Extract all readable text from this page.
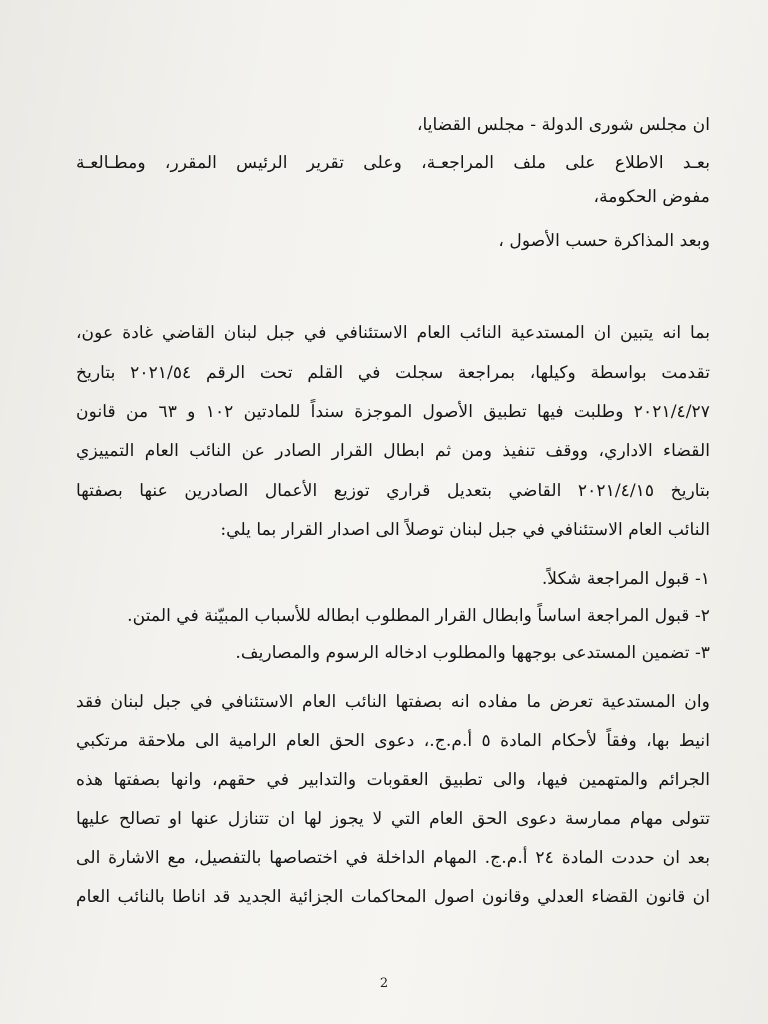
ان مجلس شورى الدولة - مجلس القضايا،
بعـد الاطلاع على ملف المراجعـة، وعلى تقرير الرئيس المقرر، ومطـالعـة
مفوض الحكومة،
وبعد المذاكرة حسب الأصول ،
بما انه يتبين ان المستدعية النائب العام الاستئنافي في جبل لبنان القاضي غادة عون،
تقدمت بواسطة وكيلها، بمراجعة سجلت في القلم تحت الرقم ٢٠٢١/٥٤ بتاريخ
٢٠٢١/٤/٢٧ وطلبت فيها تطبيق الأصول الموجزة سنداً للمادتين ١٠٢ و ٦٣ من قانون
القضاء الاداري، ووقف تنفيذ ومن ثم ابطال القرار الصادر عن النائب العام التمييزي
بتاريخ ٢٠٢١/٤/١٥ القاضي بتعديل قراري توزيع الأعمال الصادرين عنها بصفتها
النائب العام الاستئنافي في جبل لبنان توصلاً الى اصدار القرار بما يلي:
١- قبول المراجعة شكلاً.
٢- قبول المراجعة اساساً وابطال القرار المطلوب ابطاله للأسباب المبيّنة في المتن.
٣- تضمين المستدعى بوجهها والمطلوب ادخاله الرسوم والمصاريف.
وان المستدعية تعرض ما مفاده انه بصفتها النائب العام الاستئنافي في جبل لبنان فقد
انيط بها، وفقاً لأحكام المادة ٥ أ.م.ج.، دعوى الحق العام الرامية الى ملاحقة مرتكبي
الجرائم والمتهمين فيها، والى تطبيق العقوبات والتدابير في حقهم، وانها بصفتها هذه
تتولى مهام ممارسة دعوى الحق العام التي لا يجوز لها ان تتنازل عنها او تصالح عليها
بعد ان حددت المادة ٢٤ أ.م.ج. المهام الداخلة في اختصاصها بالتفصيل، مع الاشارة الى
ان قانون القضاء العدلي وقانون اصول المحاكمات الجزائية الجديد قد اناطا بالنائب العام
2
